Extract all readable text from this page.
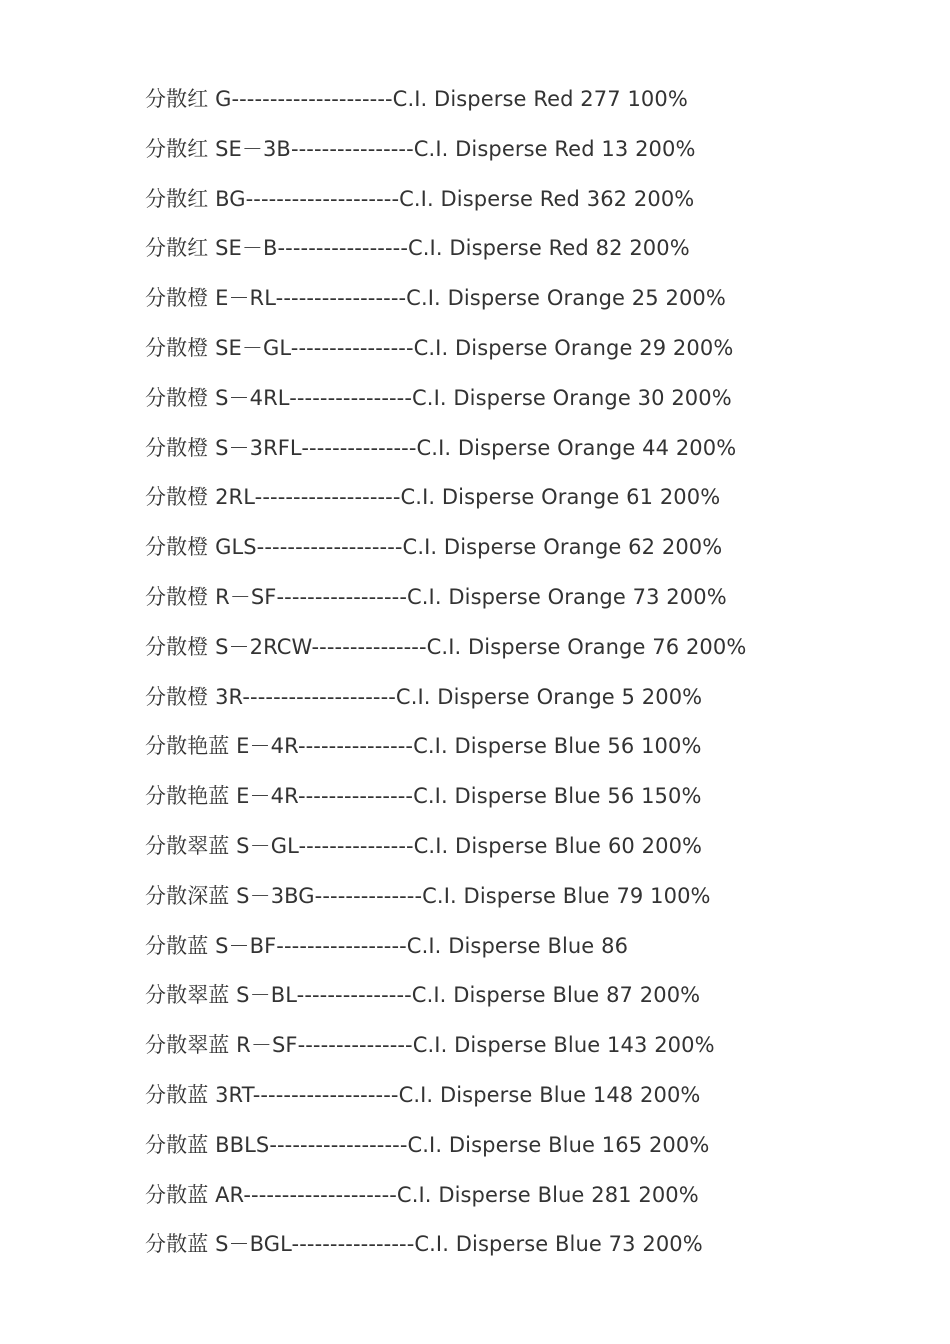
分散红 G---------------------C.I. Disperse Red 277 100%
分散红 SE－3B----------------C.I. Disperse Red 13 200%
分散红 BG--------------------C.I. Disperse Red 362 200%
分散红 SE－B-----------------C.I. Disperse Red 82 200%
分散橙 E－RL-----------------C.I. Disperse Orange 25 200%
分散橙 SE－GL----------------C.I. Disperse Orange 29 200%
分散橙 S－4RL----------------C.I. Disperse Orange 30 200%
分散橙 S－3RFL---------------C.I. Disperse Orange 44 200%
分散橙 2RL-------------------C.I. Disperse Orange 61 200%
分散橙 GLS-------------------C.I. Disperse Orange 62 200%
分散橙 R－SF-----------------C.I. Disperse Orange 73 200%
分散橙 S－2RCW---------------C.I. Disperse Orange 76 200%
分散橙 3R--------------------C.I. Disperse Orange 5 200%
分散艳蓝 E－4R---------------C.I. Disperse Blue 56 100%
分散艳蓝 E－4R---------------C.I. Disperse Blue 56 150%
分散翠蓝 S－GL---------------C.I. Disperse Blue 60 200%
分散深蓝 S－3BG--------------C.I. Disperse Blue 79 100%
分散蓝 S－BF-----------------C.I. Disperse Blue 86
分散翠蓝 S－BL---------------C.I. Disperse Blue 87 200%
分散翠蓝 R－SF---------------C.I. Disperse Blue 143 200%
分散蓝 3RT-------------------C.I. Disperse Blue 148 200%
分散蓝 BBLS------------------C.I. Disperse Blue 165 200%
分散蓝 AR--------------------C.I. Disperse Blue 281 200%
分散蓝 S－BGL----------------C.I. Disperse Blue 73 200%
